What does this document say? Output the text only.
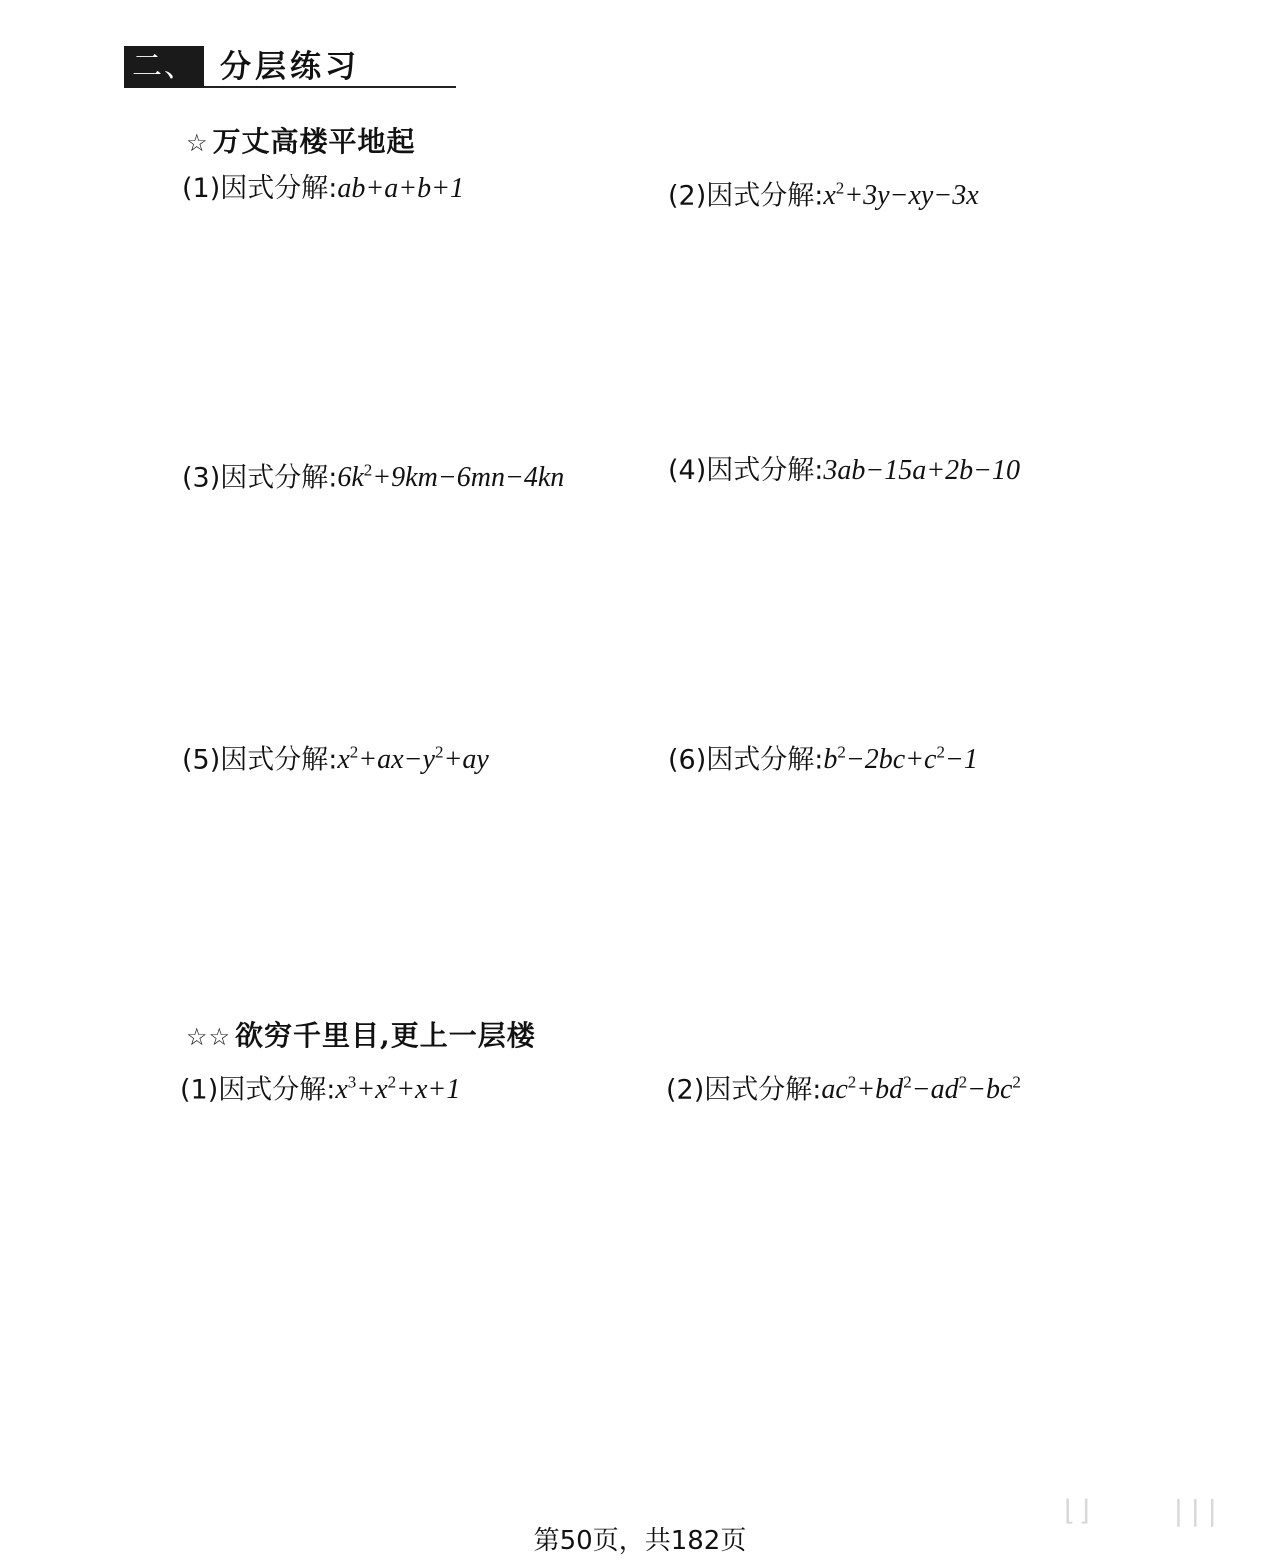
二、 分层练习
☆ 万丈高楼平地起
(1)因式分解:ab+a+b+1	(2)因式分解$:x^2+3y-xy-3x$
(3)因式分解$:6k^2+9km-6mn-4kn$	(4)因式分解:3ab−15a+2b−10
(5)因式分解$:x^2+ax-y^2+ay$	(6)因式分解$:b^2-2bc+c^2-1$
☆☆ 欲穷千里目,更上一层楼
(1)因式分解$:x^3+x^2+x+1$	(2)因式分解$:ac^2+bd^2-ad^2-bc^2$
⌊⌋	|||
第50页，共182页
